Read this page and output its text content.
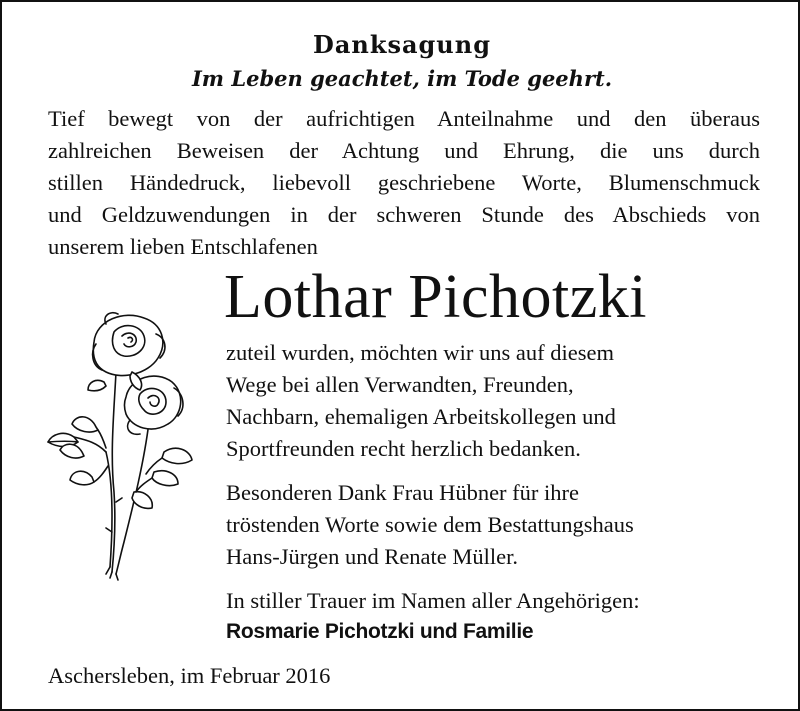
Danksagung
Im Leben geachtet, im Tode geehrt.
Tief bewegt von der aufrichtigen Anteilnahme und den überaus
zahlreichen Beweisen der Achtung und Ehrung, die uns durch
stillen Händedruck, liebevoll geschriebene Worte, Blumenschmuck
und Geldzuwendungen in der schweren Stunde des Abschieds von
unserem lieben Entschlafenen
Lothar Pichotzki
zuteil wurden, möchten wir uns auf diesem
Wege bei allen Verwandten, Freunden,
Nachbarn, ehemaligen Arbeitskollegen und
Sportfreunden recht herzlich bedanken.
Besonderen Dank Frau Hübner für ihre
tröstenden Worte sowie dem Bestattungshaus
Hans-Jürgen und Renate Müller.
In stiller Trauer im Namen aller Angehörigen:
Rosmarie Pichotzki und Familie
Aschersleben, im Februar 2016
